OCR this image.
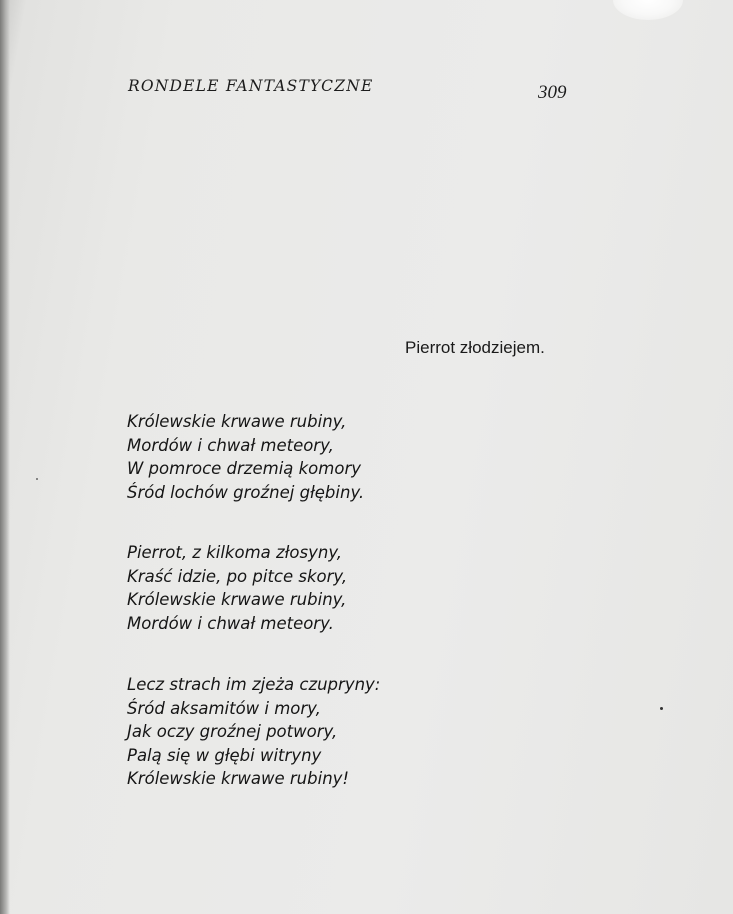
RONDELE FANTASTYCZNE	309
Pierrot złodziejem.
Królewskie krwawe rubiny,
Mordów i chwał meteory,
W pomroce drzemią komory
Śród lochów groźnej głębiny.
Pierrot, z kilkoma złosyny,
Kraść idzie, po pitce skory,
Królewskie krwawe rubiny,
Mordów i chwał meteory.
Lecz strach im zjeża czupryny:
Śród aksamitów i mory,
Jak oczy groźnej potwory,
Palą się w głębi witryny
Królewskie krwawe rubiny!
